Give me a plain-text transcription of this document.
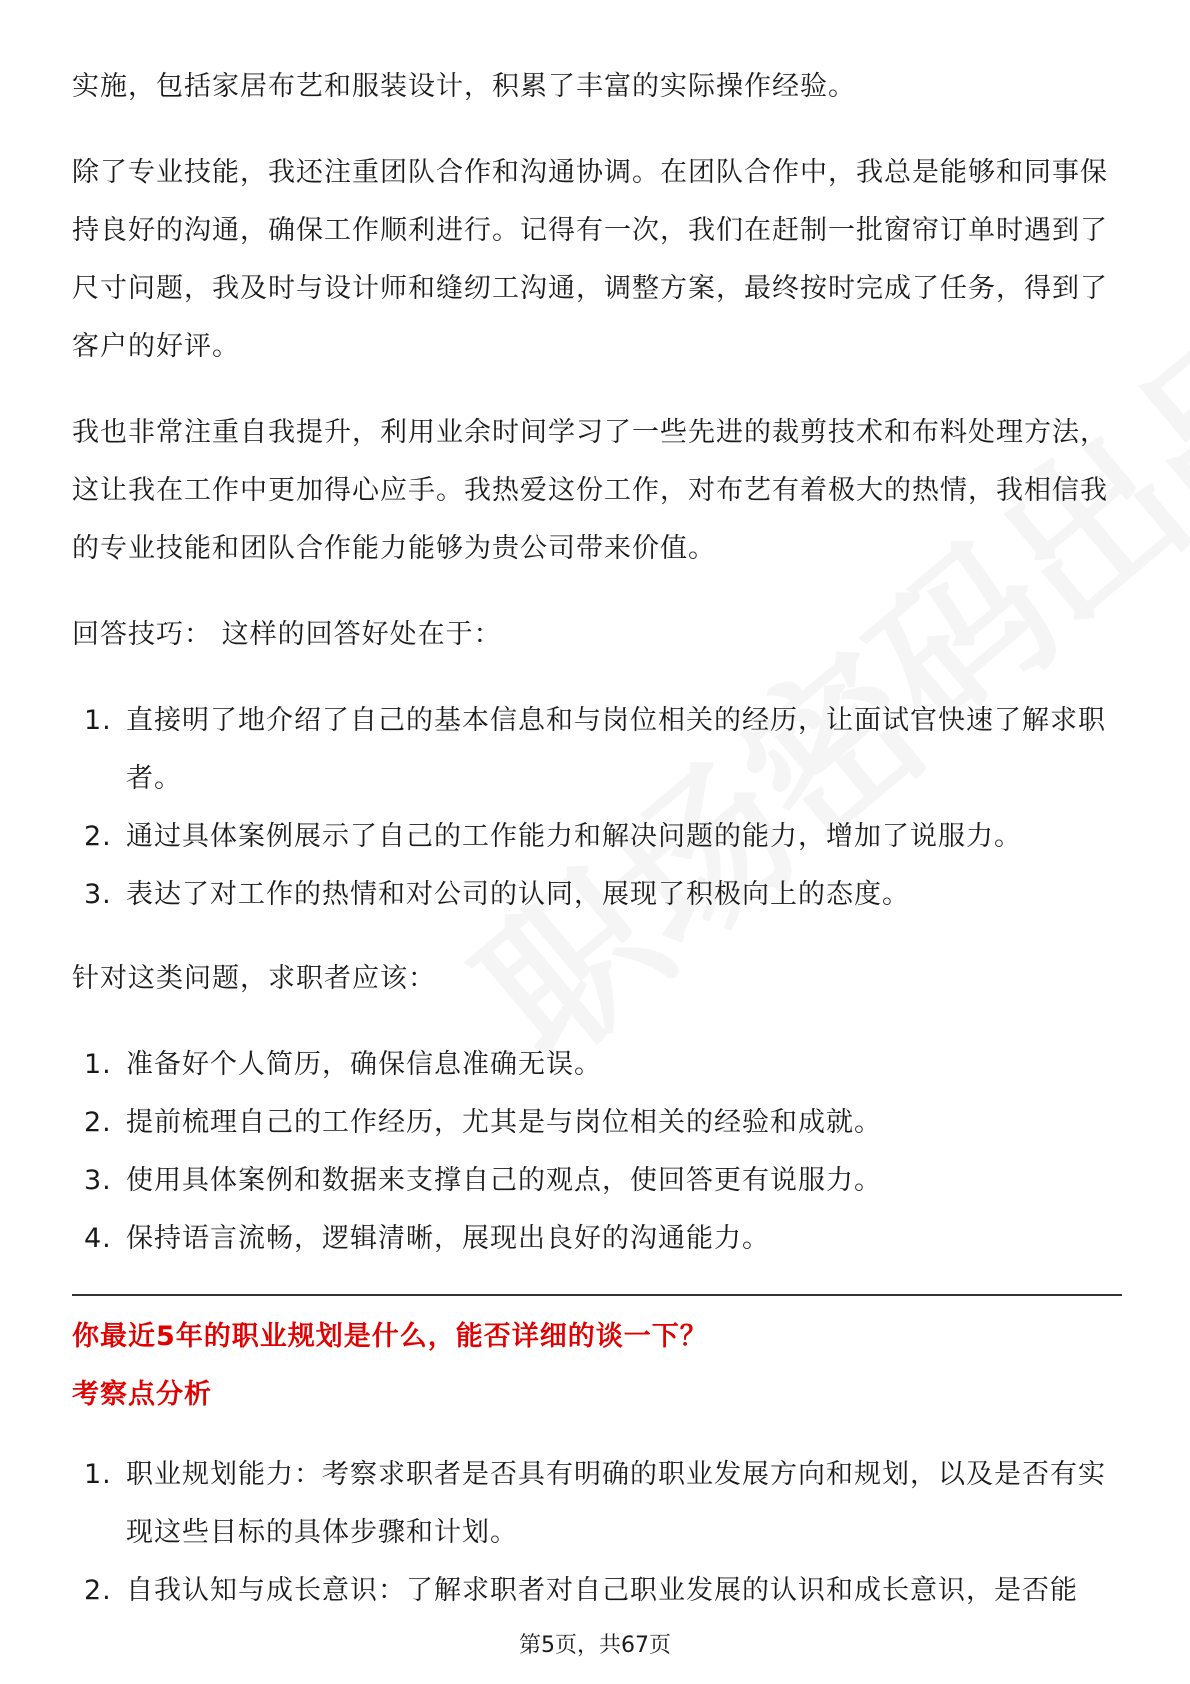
实施，包括家居布艺和服装设计，积累了丰富的实际操作经验。

除了专业技能，我还注重团队合作和沟通协调。在团队合作中，我总是能够和同事保持良好的沟通，确保工作顺利进行。记得有一次，我们在赶制一批窗帘订单时遇到了尺寸问题，我及时与设计师和缝纫工沟通，调整方案，最终按时完成了任务，得到了客户的好评。

我也非常注重自我提升，利用业余时间学习了一些先进的裁剪技术和布料处理方法，这让我在工作中更加得心应手。我热爱这份工作，对布艺有着极大的热情，我相信我的专业技能和团队合作能力能够为贵公司带来价值。

回答技巧： 这样的回答好处在于：

1. 直接明了地介绍了自己的基本信息和与岗位相关的经历，让面试官快速了解求职者。
2. 通过具体案例展示了自己的工作能力和解决问题的能力，增加了说服力。
3. 表达了对工作的热情和对公司的认同，展现了积极向上的态度。

针对这类问题，求职者应该：

1. 准备好个人简历，确保信息准确无误。
2. 提前梳理自己的工作经历，尤其是与岗位相关的经验和成就。
3. 使用具体案例和数据来支撑自己的观点，使回答更有说服力。
4. 保持语言流畅，逻辑清晰，展现出良好的沟通能力。

你最近5年的职业规划是什么，能否详细的谈一下？

考察点分析

1. 职业规划能力：考察求职者是否具有明确的职业发展方向和规划，以及是否有实现这些目标的具体步骤和计划。
2. 自我认知与成长意识：了解求职者对自己职业发展的认识和成长意识，是否能
第5页，共67页
